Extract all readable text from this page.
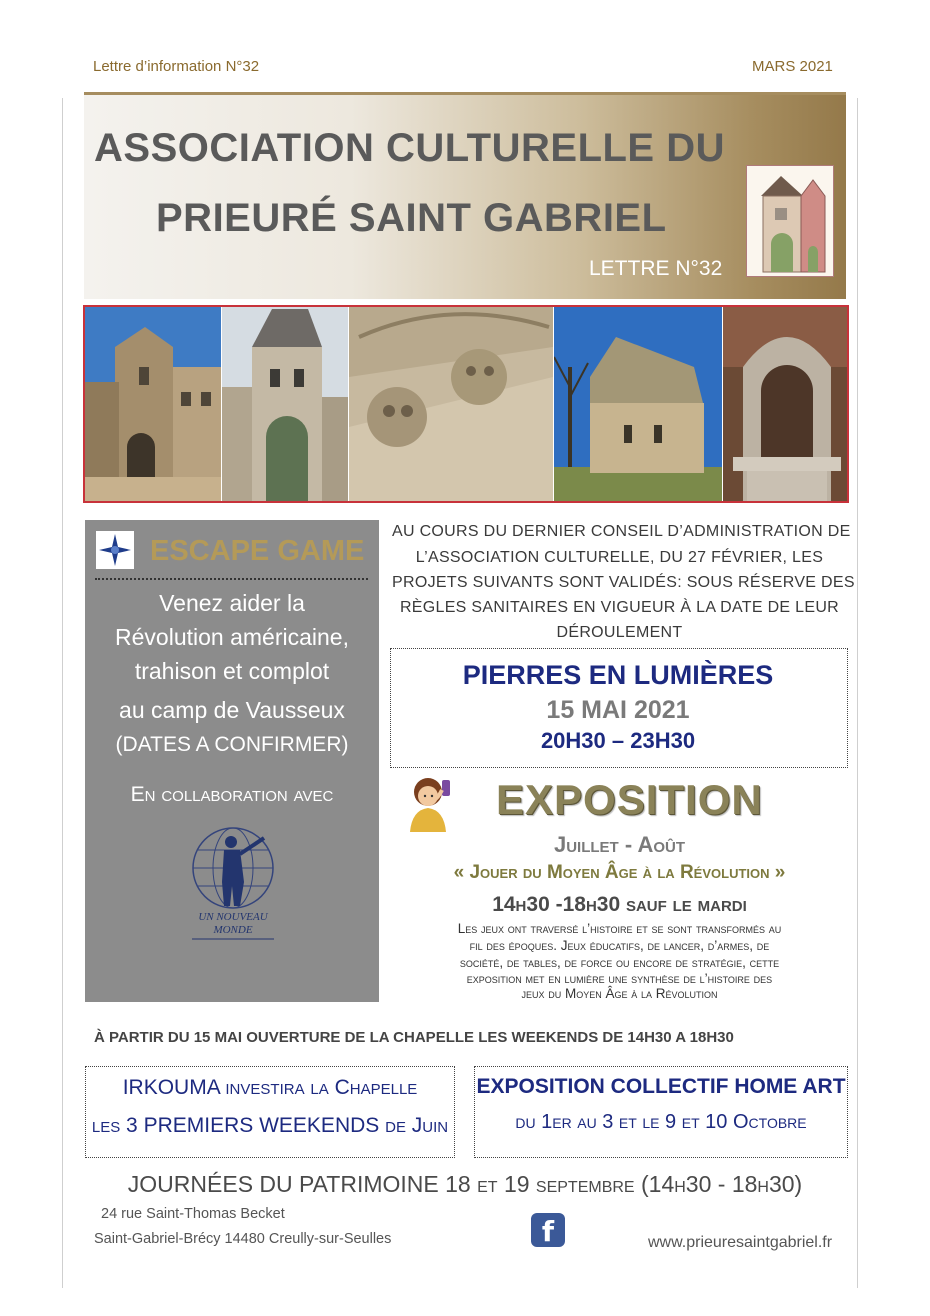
Lettre d’information N°32	MARS 2021
ASSOCIATION CULTURELLE DU
PRIEURÉ SAINT GABRIEL
LETTRE N°32
ESCAPE GAME
Venez aider la
Révolution américaine,
trahison et complot
au camp de Vausseux
(DATES A CONFIRMER)
En collaboration avec
UN NOUVEAU
MONDE
AU COURS DU DERNIER CONSEIL D’ADMINISTRATION DE
L’ASSOCIATION CULTURELLE, DU 27 FÉVRIER, LES
PROJETS SUIVANTS SONT VALIDÉS: SOUS RÉSERVE DES
RÈGLES SANITAIRES EN VIGUEUR À LA DATE DE LEUR
DÉROULEMENT
PIERRES EN LUMIÈRES
15 MAI 2021
20H30 – 23H30
EXPOSITION
Juillet - Août
« Jouer du Moyen Âge à la Révolution »
14h30 -18h30 sauf le mardi
Les jeux ont traversé l’histoire et se sont transformés au
fil des époques. Jeux éducatifs, de lancer, d’armes, de
société, de tables, de force ou encore de stratégie, cette
exposition met en lumière une synthèse de l’histoire des
jeux du Moyen Âge à la Révolution
À PARTIR DU 15 MAI OUVERTURE DE LA CHAPELLE LES WEEKENDS DE 14H30 A 18H30
IRKOUMA investira la Chapelle
les 3 PREMIERS WEEKENDS de Juin
EXPOSITION COLLECTIF HOME ART
du 1er au 3 et le 9 et 10 Octobre
JOURNÉES DU PATRIMOINE 18 et 19 septembre (14h30 - 18h30)
24 rue Saint-Thomas Becket
Saint-Gabriel-Brécy 14480 Creully-sur-Seulles	f	www.prieuresaintgabriel.fr
